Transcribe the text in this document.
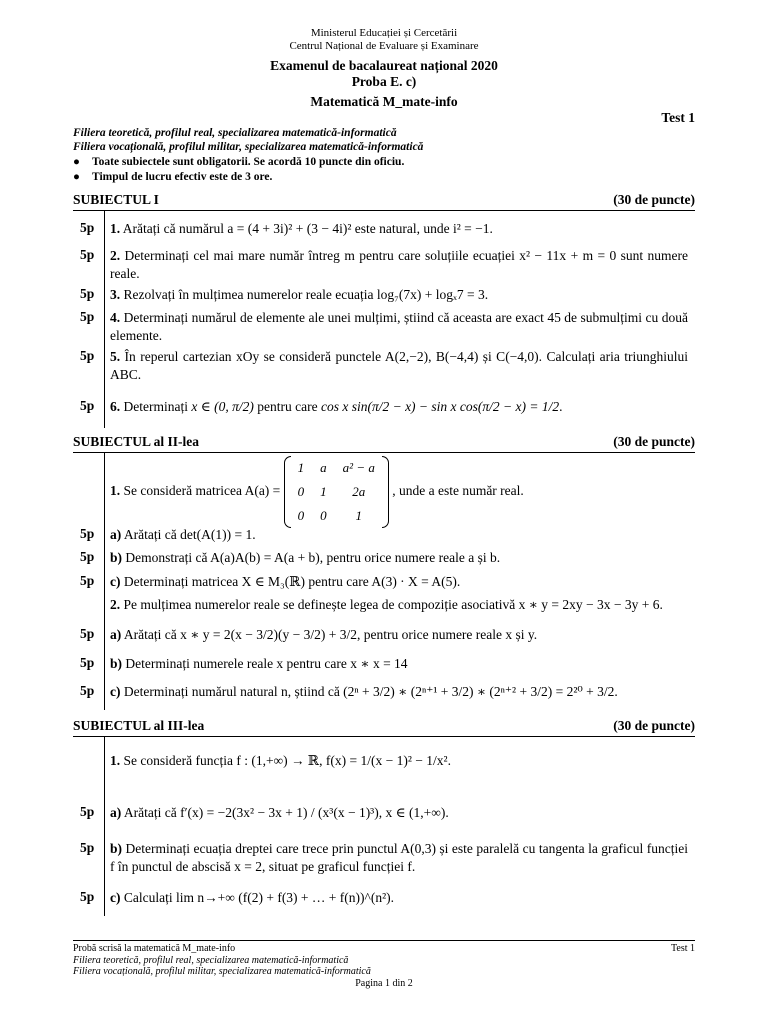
Ministerul Educației și Cercetării
Centrul Național de Evaluare și Examinare
Examenul de bacalaureat național 2020
Proba E. c)
Matematică M_mate-info
Test 1
Filiera teoretică, profilul real, specializarea matematică-informatică
Filiera vocațională, profilul militar, specializarea matematică-informatică
● Toate subiectele sunt obligatorii. Se acordă 10 puncte din oficiu.
● Timpul de lucru efectiv este de 3 ore.
SUBIECTUL I	(30 de puncte)
5p 1. Arătați că numărul a = (4 + 3i)² + (3 − 4i)² este natural, unde i² = −1.
5p 2. Determinați cel mai mare număr întreg m pentru care soluțiile ecuației x² − 11x + m = 0 sunt numere reale.
5p 3. Rezolvați în mulțimea numerelor reale ecuația log₇(7x) + logₓ7 = 3.
5p 4. Determinați numărul de elemente ale unei mulțimi, știind că aceasta are exact 45 de submulțimi cu două elemente.
5p 5. În reperul cartezian xOy se consideră punctele A(2,−2), B(−4,4) și C(−4,0). Calculați aria triunghiului ABC.
5p 6. Determinați x ∈ (0, π/2) pentru care cos x sin(π/2 − x) − sin x cos(π/2 − x) = 1/2.
SUBIECTUL al II-lea	(30 de puncte)
1. Se consideră matricea A(a) =
1	a	a² − a
0	1	2a
0	0	1
, unde a este număr real.
5p a) Arătați că det(A(1)) = 1.
5p b) Demonstrați că A(a)A(b) = A(a + b), pentru orice numere reale a și b.
5p c) Determinați matricea X ∈ M₃(ℝ) pentru care A(3) · X = A(5).
2. Pe mulțimea numerelor reale se definește legea de compoziție asociativă x ∗ y = 2xy − 3x − 3y + 6.
5p a) Arătați că x ∗ y = 2(x − 3/2)(y − 3/2) + 3/2, pentru orice numere reale x și y.
5p b) Determinați numerele reale x pentru care x ∗ x = 14
5p c) Determinați numărul natural n, știind că (2ⁿ + 3/2) ∗ (2ⁿ⁺¹ + 3/2) ∗ (2ⁿ⁺² + 3/2) = 2²⁰ + 3/2.
SUBIECTUL al III-lea	(30 de puncte)
1. Se consideră funcția f : (1,+∞) → ℝ, f(x) = 1/(x − 1)² − 1/x².
5p a) Arătați că f′(x) = −2(3x² − 3x + 1) / (x³(x − 1)³), x ∈ (1,+∞).
5p b) Determinați ecuația dreptei care trece prin punctul A(0,3) și este paralelă cu tangenta la graficul funcției f în punctul de abscisă x = 2, situat pe graficul funcției f.
5p c) Calculați lim n→+∞ (f(2) + f(3) + … + f(n))^(n²).
Probă scrisă la matematică M_mate-info
Filiera teoretică, profilul real, specializarea matematică-informatică
Filiera vocațională, profilul militar, specializarea matematică-informatică
Pagina 1 din 2
Test 1
